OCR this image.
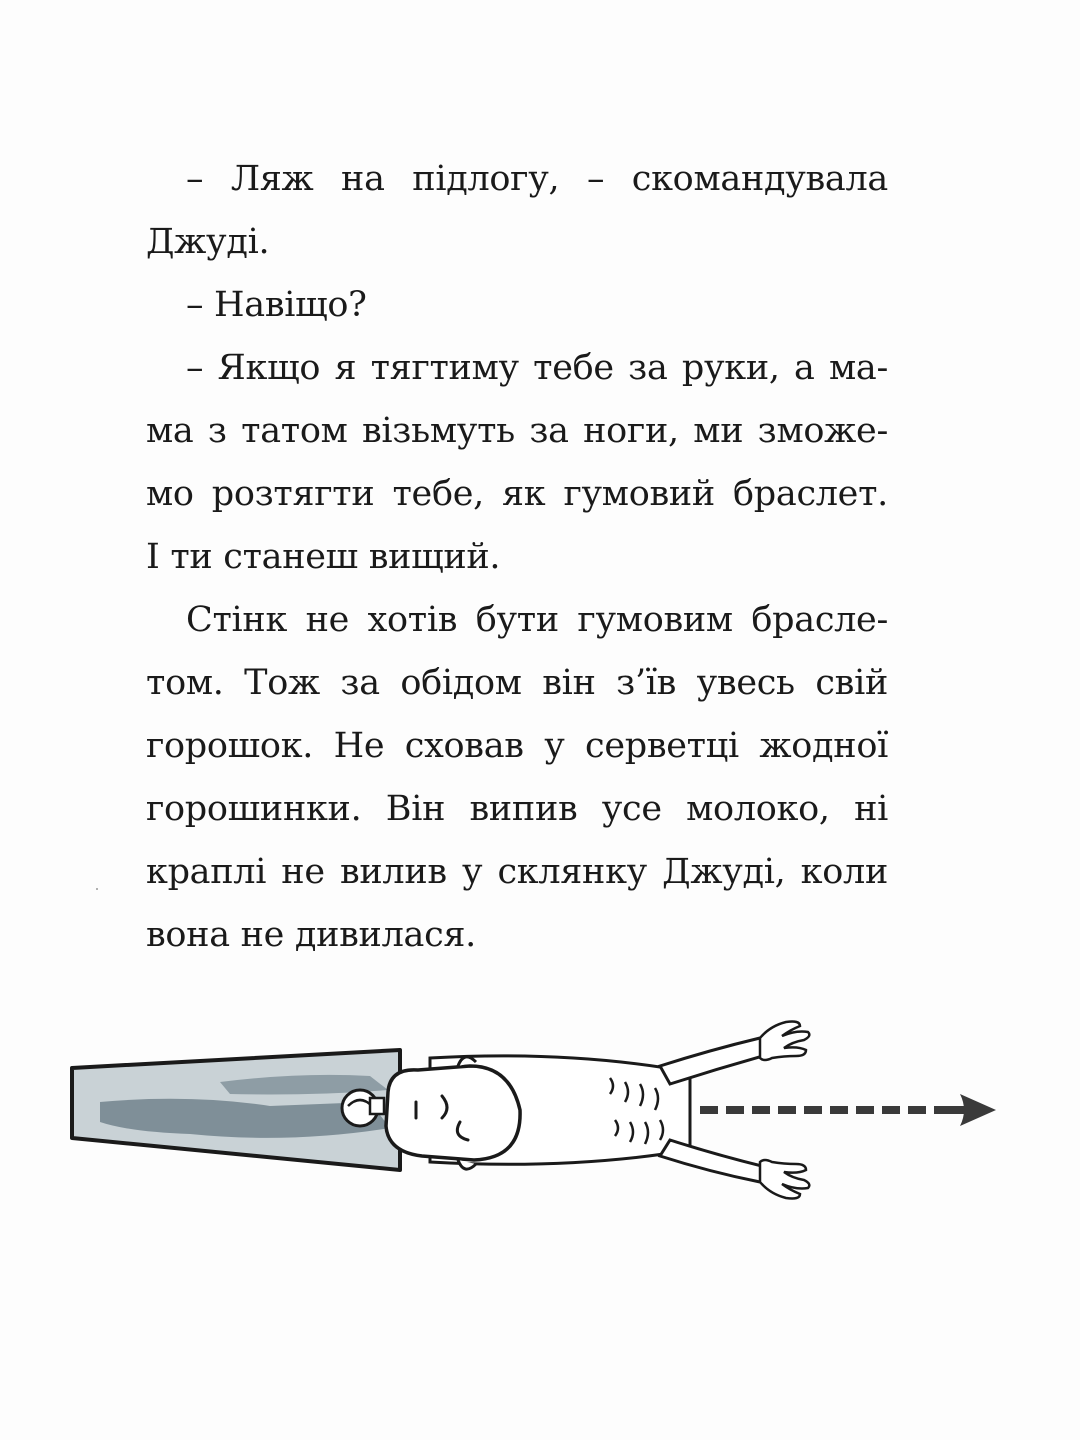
– Ляж на підлогу, – скомандувала
Джуді.
– Навіщо?
– Якщо я тягтиму тебе за руки, а ма-
ма з татом візьмуть за ноги, ми зможе-
мо розтягти тебе, як гумовий браслет.
І ти станеш вищий.
Стінк не хотів бути гумовим брасле-
том. Тож за обідом він з’їв увесь свій
горошок. Не сховав у серветці жодної
горошинки. Він випив усе молоко, ні
краплі не вилив у склянку Джуді, коли
вона не дивилася.
